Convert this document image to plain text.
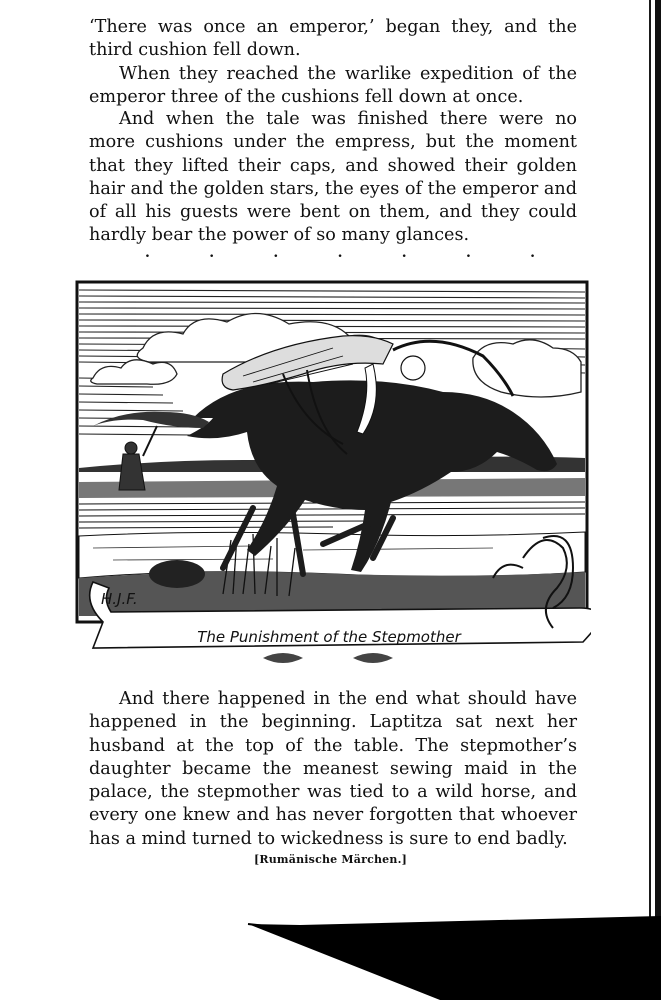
‘There was once an emperor,’ began they, and the third cushion fell down.

When they reached the warlike expedition of the emperor three of the cushions fell down at once.

And when the tale was finished there were no more cushions under the empress, but the moment that they lifted their caps, and showed their golden hair and the golden stars, the eyes of the emperor and of all his guests were bent on them, and they could hardly bear the power of so many glances.

.	.	.	.	.	.	.
The Punishment of the Stepmother
H.J.F.

And there happened in the end what should have happened in the beginning. Laptitza sat next her husband at the top of the table. The stepmother’s daughter became the meanest sewing maid in the palace, the stepmother was tied to a wild horse, and every one knew and has never forgotten that whoever has a mind turned to wickedness is sure to end badly.

[Rumänische Märchen.]
